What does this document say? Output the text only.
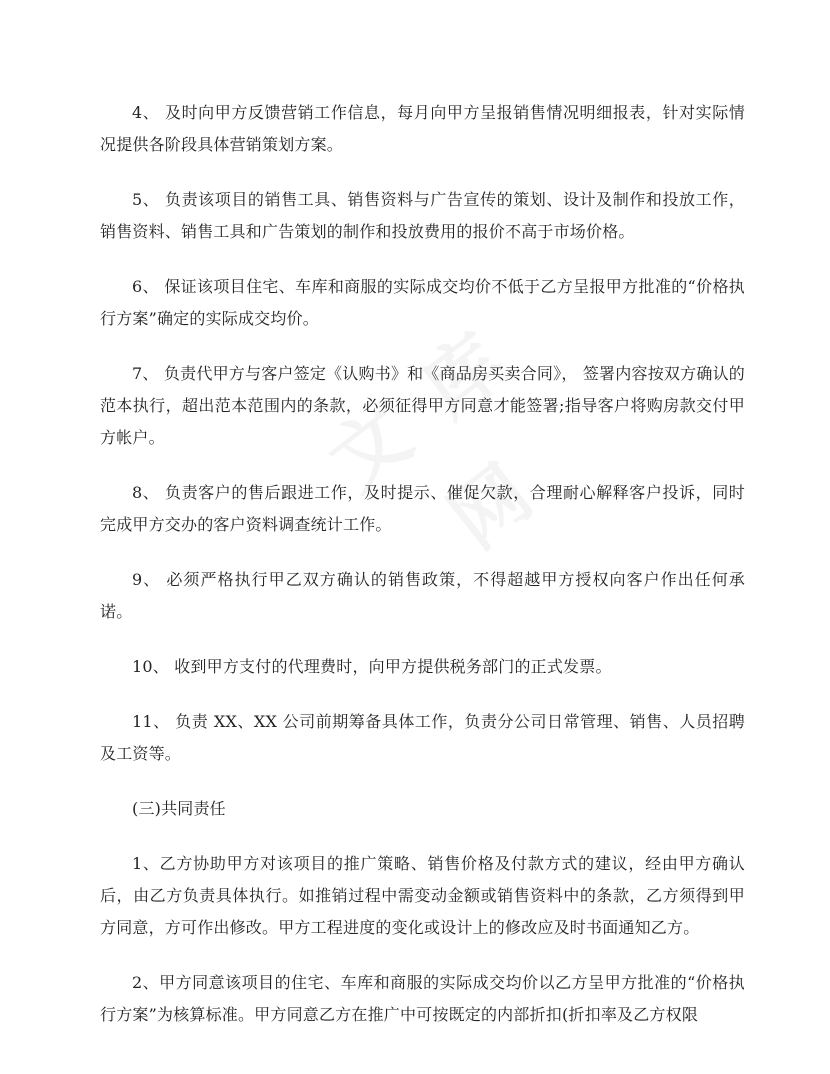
4、 及时向甲方反馈营销工作信息，每月向甲方呈报销售情况明细报表，针对实际情况提供各阶段具体营销策划方案。

5、 负责该项目的销售工具、销售资料与广告宣传的策划、设计及制作和投放工作，销售资料、销售工具和广告策划的制作和投放费用的报价不高于市场价格。

6、 保证该项目住宅、车库和商服的实际成交均价不低于乙方呈报甲方批准的“价格执行方案”确定的实际成交均价。

7、 负责代甲方与客户签定《认购书》和《商品房买卖合同》， 签署内容按双方确认的范本执行，超出范本范围内的条款，必须征得甲方同意才能签署;指导客户将购房款交付甲方帐户。

8、 负责客户的售后跟进工作，及时提示、催促欠款，合理耐心解释客户投诉，同时完成甲方交办的客户资料调查统计工作。

9、 必须严格执行甲乙双方确认的销售政策，不得超越甲方授权向客户作出任何承诺。

10、 收到甲方支付的代理费时，向甲方提供税务部门的正式发票。

11、 负责 XX、XX 公司前期筹备具体工作，负责分公司日常管理、销售、人员招聘及工资等。

(三)共同责任

1、乙方协助甲方对该项目的推广策略、销售价格及付款方式的建议，经由甲方确认后，由乙方负责具体执行。如推销过程中需变动金额或销售资料中的条款，乙方须得到甲方同意，方可作出修改。甲方工程进度的变化或设计上的修改应及时书面通知乙方。

2、甲方同意该项目的住宅、车库和商服的实际成交均价以乙方呈甲方批准的“价格执行方案”为核算标准。甲方同意乙方在推广中可按既定的内部折扣(折扣率及乙方权限
